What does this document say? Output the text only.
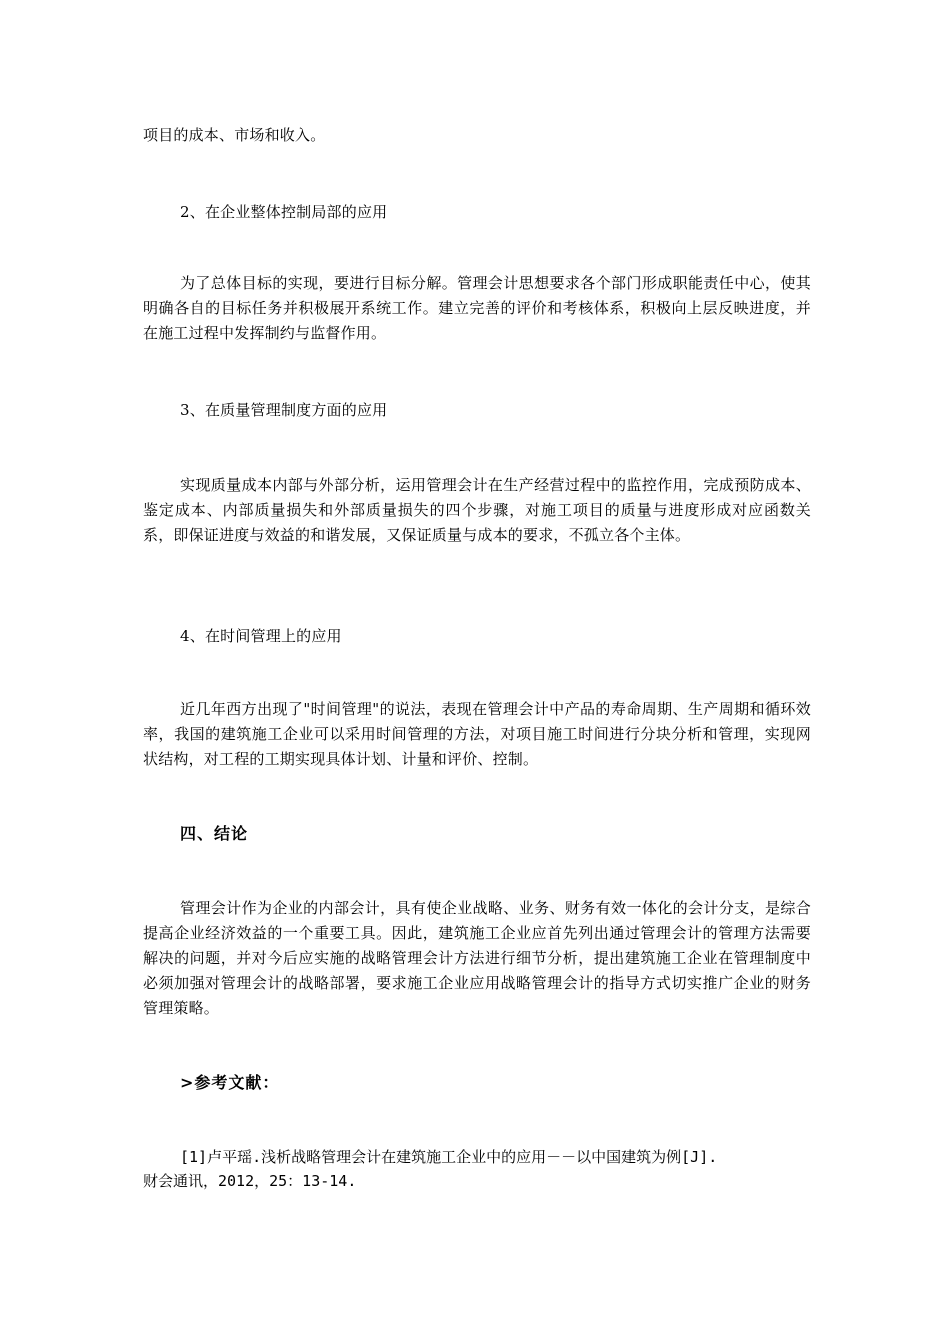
项目的成本、市场和收入。

2、在企业整体控制局部的应用

为了总体目标的实现，要进行目标分解。管理会计思想要求各个部门形成职能责任中心，使其明确各自的目标任务并积极展开系统工作。建立完善的评价和考核体系，积极向上层反映进度，并在施工过程中发挥制约与监督作用。

3、在质量管理制度方面的应用

实现质量成本内部与外部分析，运用管理会计在生产经营过程中的监控作用，完成预防成本、鉴定成本、内部质量损失和外部质量损失的四个步骤，对施工项目的质量与进度形成对应函数关系，即保证进度与效益的和谐发展，又保证质量与成本的要求，不孤立各个主体。

4、在时间管理上的应用

近几年西方出现了"时间管理"的说法，表现在管理会计中产品的寿命周期、生产周期和循环效率，我国的建筑施工企业可以采用时间管理的方法，对项目施工时间进行分块分析和管理，实现网状结构，对工程的工期实现具体计划、计量和评价、控制。

四、结论

管理会计作为企业的内部会计，具有使企业战略、业务、财务有效一体化的会计分支，是综合提高企业经济效益的一个重要工具。因此，建筑施工企业应首先列出通过管理会计的管理方法需要解决的问题，并对今后应实施的战略管理会计方法进行细节分析，提出建筑施工企业在管理制度中必须加强对管理会计的战略部署，要求施工企业应用战略管理会计的指导方式切实推广企业的财务管理策略。

>参考文献：

[1]卢平瑶.浅析战略管理会计在建筑施工企业中的应用－－以中国建筑为例[J].
财会通讯，2012，25：13-14.
